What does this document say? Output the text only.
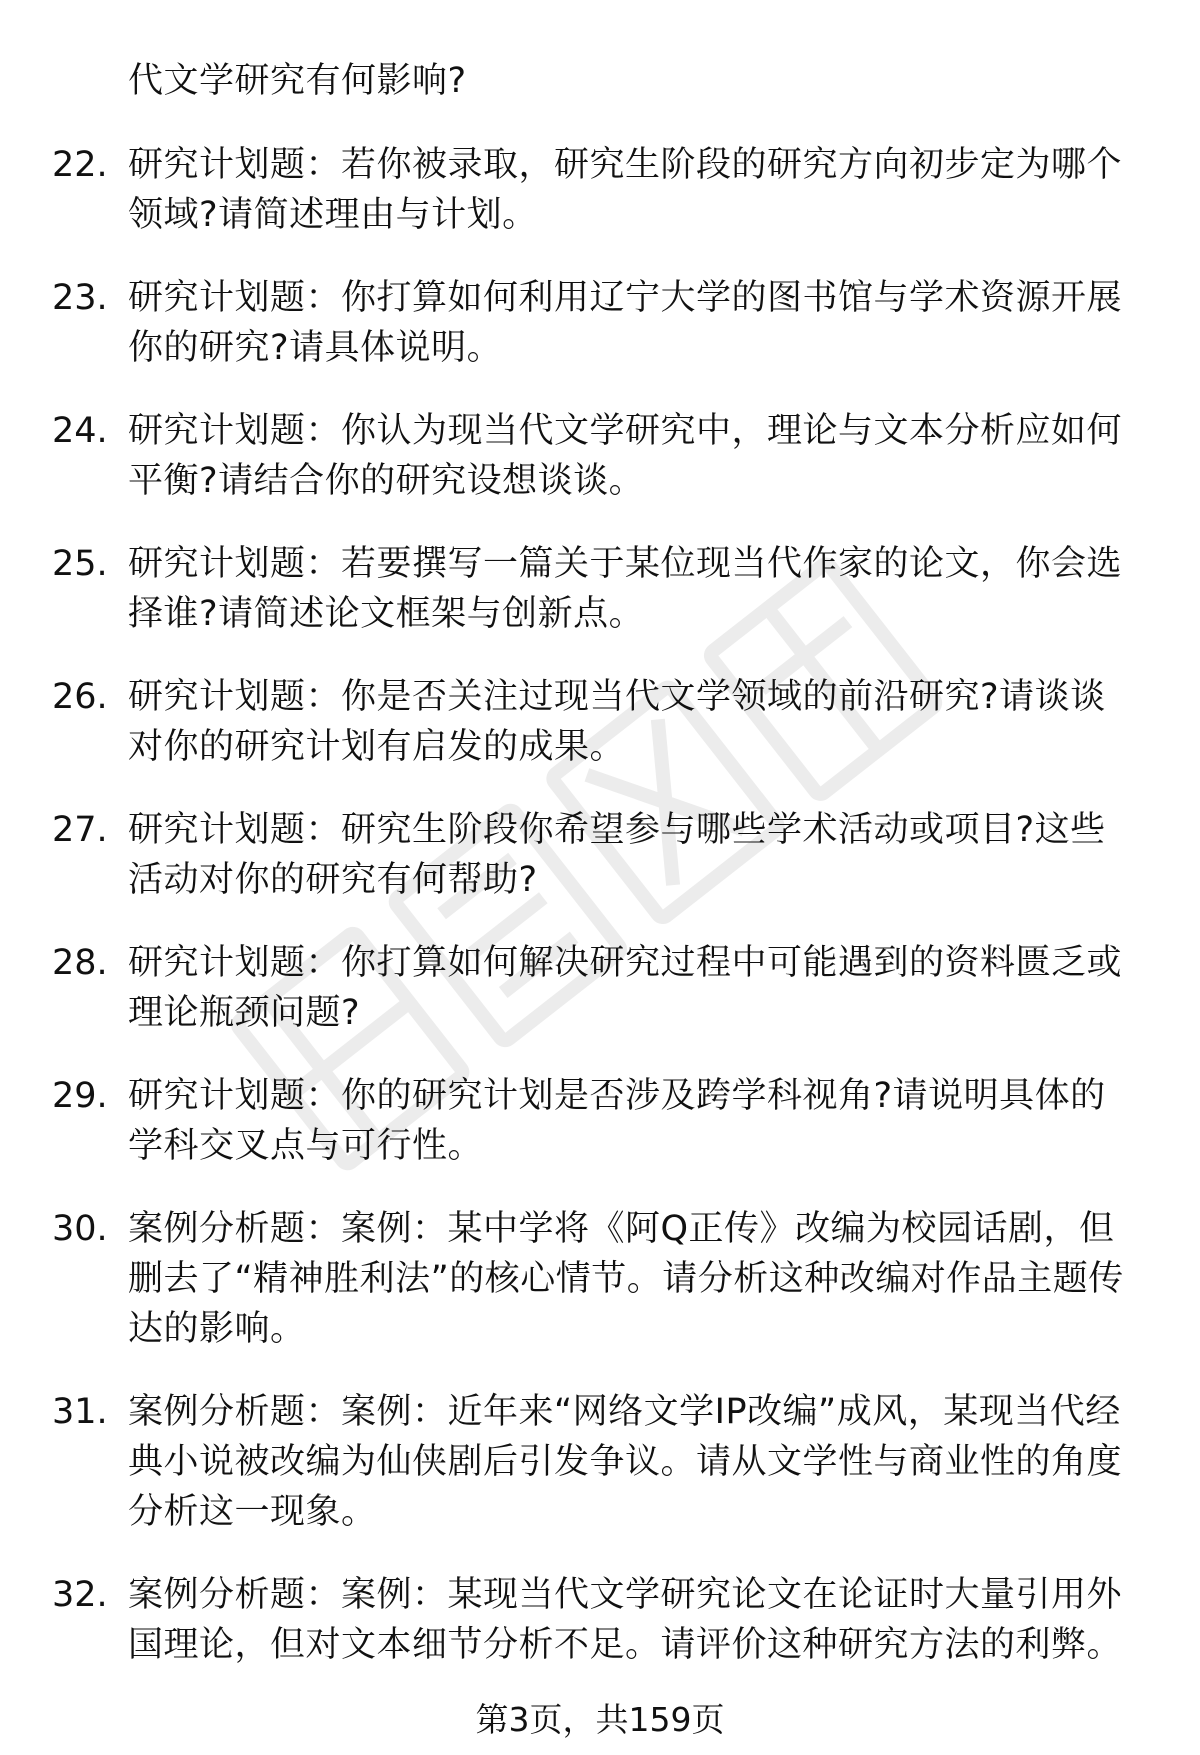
代文学研究有何影响?
22. 研究计划题：若你被录取，研究生阶段的研究方向初步定为哪个领域?请简述理由与计划。
23. 研究计划题：你打算如何利用辽宁大学的图书馆与学术资源开展你的研究?请具体说明。
24. 研究计划题：你认为现当代文学研究中，理论与文本分析应如何平衡?请结合你的研究设想谈谈。
25. 研究计划题：若要撰写一篇关于某位现当代作家的论文，你会选择谁?请简述论文框架与创新点。
26. 研究计划题：你是否关注过现当代文学领域的前沿研究?请谈谈对你的研究计划有启发的成果。
27. 研究计划题：研究生阶段你希望参与哪些学术活动或项目?这些活动对你的研究有何帮助?
28. 研究计划题：你打算如何解决研究过程中可能遇到的资料匮乏或理论瓶颈问题?
29. 研究计划题：你的研究计划是否涉及跨学科视角?请说明具体的学科交叉点与可行性。
30. 案例分析题：案例：某中学将《阿Q正传》改编为校园话剧，但删去了“精神胜利法”的核心情节。请分析这种改编对作品主题传达的影响。
31. 案例分析题：案例：近年来“网络文学IP改编”成风，某现当代经典小说被改编为仙侠剧后引发争议。请从文学性与商业性的角度分析这一现象。
32. 案例分析题：案例：某现当代文学研究论文在论证时大量引用外国理论，但对文本细节分析不足。请评价这种研究方法的利弊。
第3页，共159页
